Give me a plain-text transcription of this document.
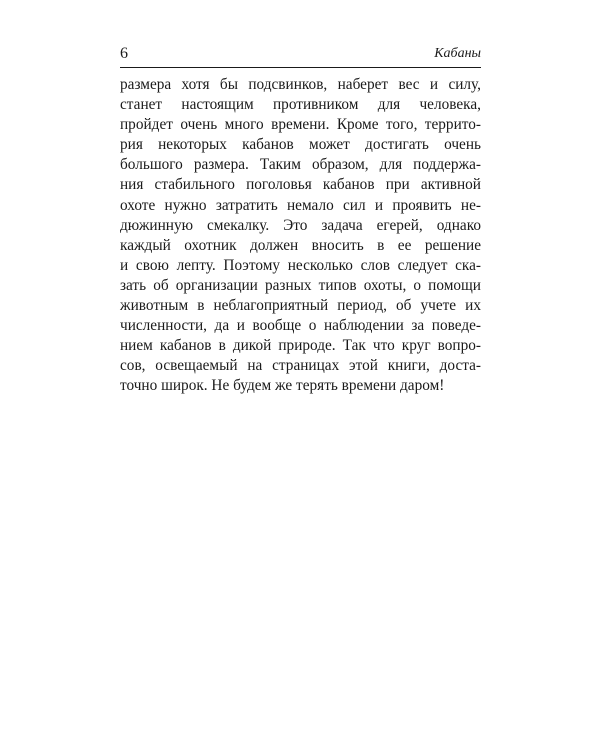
6	Кабаны
размера хотя бы подсвинков, наберет вес и силу,
станет настоящим противником для человека,
пройдет очень много времени. Кроме того, террито-
рия некоторых кабанов может достигать очень
большого размера. Таким образом, для поддержа-
ния стабильного поголовья кабанов при активной
охоте нужно затратить немало сил и проявить не-
дюжинную смекалку. Это задача егерей, однако
каждый охотник должен вносить в ее решение
и свою лепту. Поэтому несколько слов следует ска-
зать об организации разных типов охоты, о помощи
животным в неблагоприятный период, об учете их
численности, да и вообще о наблюдении за поведе-
нием кабанов в дикой природе. Так что круг вопро-
сов, освещаемый на страницах этой книги, доста-
точно широк. Не будем же терять времени даром!
